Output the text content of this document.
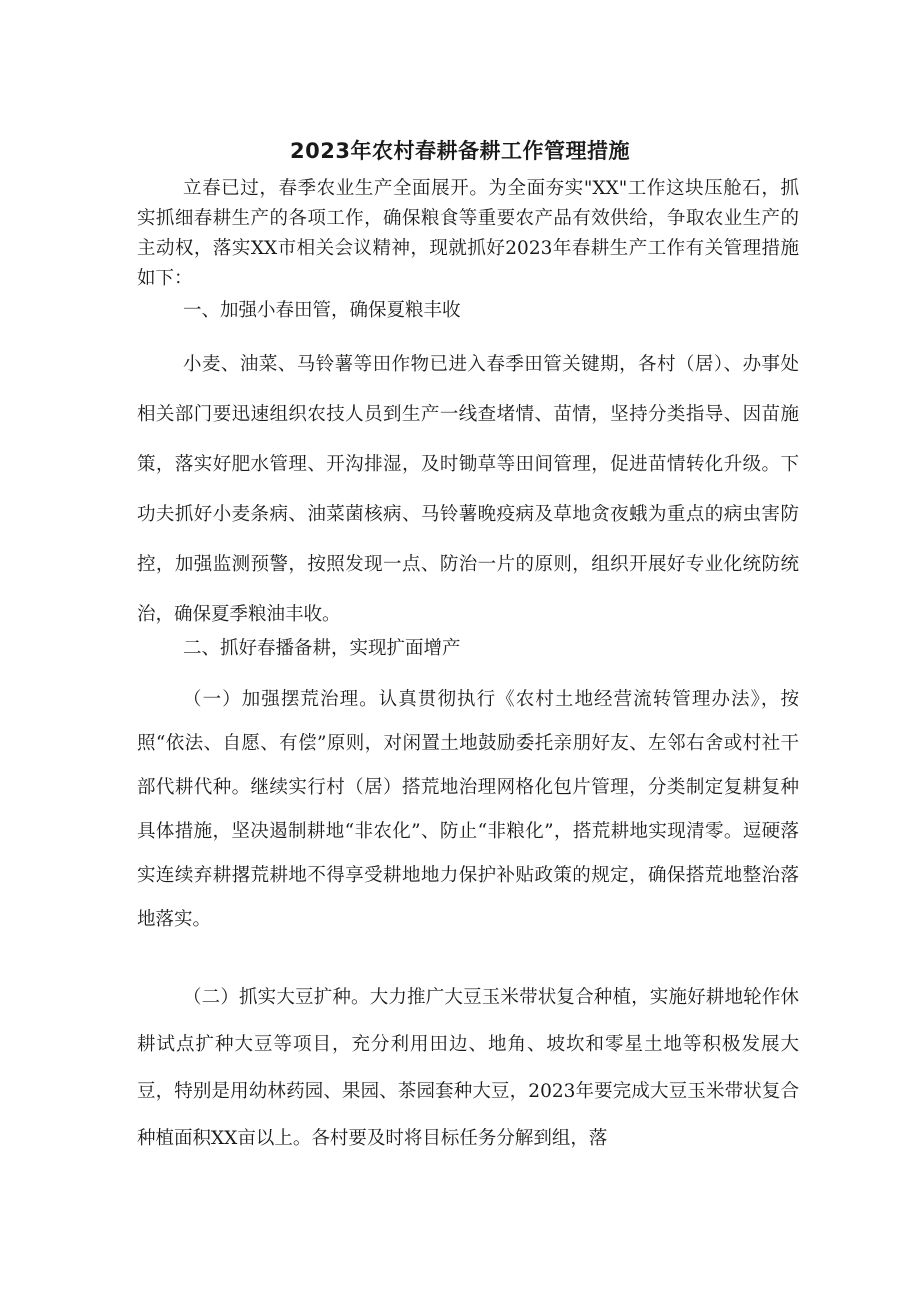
2023年农村春耕备耕工作管理措施

立春已过，春季农业生产全面展开。为全面夯实"XX"工作这块压舱石，抓实抓细春耕生产的各项工作，确保粮食等重要农产品有效供给，争取农业生产的主动权，落实XX市相关会议精神，现就抓好2023年春耕生产工作有关管理措施如下：

一、加强小春田管，确保夏粮丰收

小麦、油菜、马铃薯等田作物已进入春季田管关键期，各村（居）、办事处相关部门要迅速组织农技人员到生产一线查堵情、苗情，坚持分类指导、因苗施策，落实好肥水管理、开沟排湿，及时锄草等田间管理，促进苗情转化升级。下功夫抓好小麦条病、油菜菌核病、马铃薯晚疫病及草地贪夜蛾为重点的病虫害防控，加强监测预警，按照发现一点、防治一片的原则，组织开展好专业化统防统治，确保夏季粮油丰收。

二、抓好春播备耕，实现扩面增产

（一）加强摆荒治理。认真贯彻执行《农村土地经营流转管理办法》，按照“依法、自愿、有偿”原则，对闲置土地鼓励委托亲朋好友、左邻右舍或村社干部代耕代种。继续实行村（居）搭荒地治理网格化包片管理，分类制定复耕复种具体措施，坚决遏制耕地“非农化”、防止“非粮化”，搭荒耕地实现清零。逗硬落实连续弃耕撂荒耕地不得享受耕地地力保护补贴政策的规定，确保搭荒地整治落地落实。

（二）抓实大豆扩种。大力推广大豆玉米带状复合种植，实施好耕地轮作休耕试点扩种大豆等项目，充分利用田边、地角、坡坎和零星土地等积极发展大豆，特别是用幼林药园、果园、茶园套种大豆，2023年要完成大豆玉米带状复合种植面积XX亩以上。各村要及时将目标任务分解到组，落
